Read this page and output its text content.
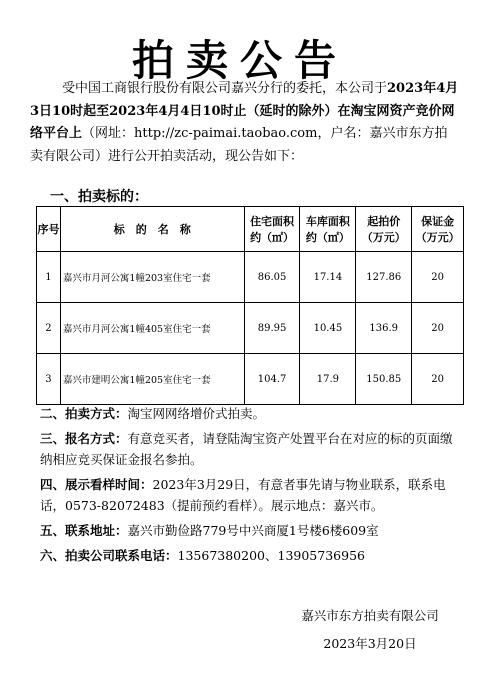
拍卖公告

受中国工商银行股份有限公司嘉兴分行的委托，本公司于2023年4月3日10时起至2023年4月4日10时止（延时的除外）在淘宝网资产竞价网络平台上（网址：http://zc-paimai.taobao.com，户名：嘉兴市东方拍卖有限公司）进行公开拍卖活动，现公告如下：

一、拍卖标的：
序号	标　的　名　称	住宅面积约（㎡）	车库面积约（㎡）	起拍价（万元）	保证金（万元）
1	嘉兴市月河公寓1幢203室住宅一套	86.05	17.14	127.86	20
2	嘉兴市月河公寓1幢405室住宅一套	89.95	10.45	136.9	20
3	嘉兴市建明公寓1幢205室住宅一套	104.7	17.9	150.85	20

二、拍卖方式：淘宝网网络增价式拍卖。

三、报名方式：有意竞买者，请登陆淘宝资产处置平台在对应的标的页面缴纳相应竞买保证金报名参拍。

四、展示看样时间：2023年3月29日，有意者事先请与物业联系，联系电话，0573-82072483（提前预约看样）。展示地点：嘉兴市。

五、联系地址：嘉兴市勤俭路779号中兴商厦1号楼6楼609室

六、拍卖公司联系电话：13567380200、13905736956

嘉兴市东方拍卖有限公司
2023年3月20日
